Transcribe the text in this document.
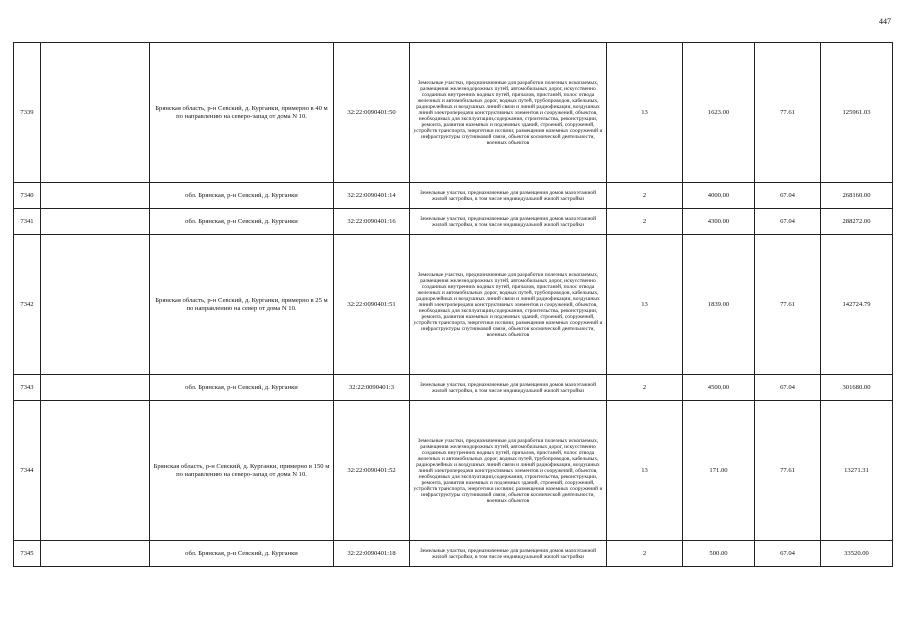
447
7339		Брянская область, р-н Севский, д. Курганки, примерно в 40 м по направлению на северо-запад от дома N 10.	32:22:0090401:50	Земельные участки, предназначенные для разработки полезных ископаемых, размещения железнодорожных путей, автомобильных дорог, искусственно созданных внутренних водных путей, причалов, пристаней, полос отвода железных и автомобильных дорог, водных путей, трубопроводов, кабельных, радиорелейных и воздушных линий связи и линий радиофикации, воздушных линий электропередачи конструктивных элементов и сооружений, объектов, необходимых для эксплуатации,содержания, строительства, реконструкции, ремонта, развития наземных и подземных зданий, строений, сооружений, устройств транспорта, энергетики иссвязи; размещения наземных сооружений и инфраструктуры спутниковой связи, объектов космической деятельности, военных объектов	13	1623.00	77.61	125961.03
7340		обл. Брянская, р-н Севский, д. Курганки	32:22:0090401:14	Земельные участки, предназначенные для размещения домов малоэтажной жилой застройки, в том числе индивидуальной жилой застройки	2	4000.00	67.04	268160.00
7341		обл. Брянская, р-н Севский, д. Курганки	32:22:0090401:16	Земельные участки, предназначенные для размещения домов малоэтажной жилой застройки, в том числе индивидуальной жилой застройки	2	4300.00	67.04	288272.00
7342		Брянская область, р-н Севский, д. Курганки, примерно в 25 м по направлению на север от дома N 10.	32:22:0090401:51	Земельные участки, предназначенные для разработки полезных ископаемых, размещения железнодорожных путей, автомобильных дорог, искусственно созданных внутренних водных путей, причалов, пристаней, полос отвода железных и автомобильных дорог, водных путей, трубопроводов, кабельных, радиорелейных и воздушных линий связи и линий радиофикации, воздушных линий электропередачи конструктивных элементов и сооружений, объектов, необходимых для эксплуатации,содержания, строительства, реконструкции, ремонта, развития наземных и подземных зданий, строений, сооружений, устройств транспорта, энергетики иссвязи; размещения наземных сооружений и инфраструктуры спутниковой связи, объектов космической деятельности, военных объектов	13	1839.00	77.61	142724.79
7343		обл. Брянская, р-н Севский, д. Курганки	32:22:0090401:3	Земельные участки, предназначенные для размещения домов малоэтажной жилой застройки, в том числе индивидуальной жилой застройки	2	4500.00	67.04	301680.00
7344		Брянская область, р-н Севский, д. Курганки, примерно в 150 м по направлению на северо-запад от дома N 10.	32:22:0090401:52	Земельные участки, предназначенные для разработки полезных ископаемых, размещения железнодорожных путей, автомобильных дорог, искусственно созданных внутренних водных путей, причалов, пристаней, полос отвода железных и автомобильных дорог, водных путей, трубопроводов, кабельных, радиорелейных и воздушных линий связи и линий радиофикации, воздушных линий электропередачи конструктивных элементов и сооружений, объектов, необходимых для эксплуатации,содержания, строительства, реконструкции, ремонта, развития наземных и подземных зданий, строений, сооружений, устройств транспорта, энергетики иссвязи; размещения наземных сооружений и инфраструктуры спутниковой связи, объектов космической деятельности, военных объектов	13	171.00	77.61	13271.31
7345		обл. Брянская, р-н Севский, д. Курганки	32:22:0090401:18	Земельные участки, предназначенные для размещения домов малоэтажной жилой застройки, в том числе индивидуальной жилой застройки	2	500.00	67.04	33520.00
